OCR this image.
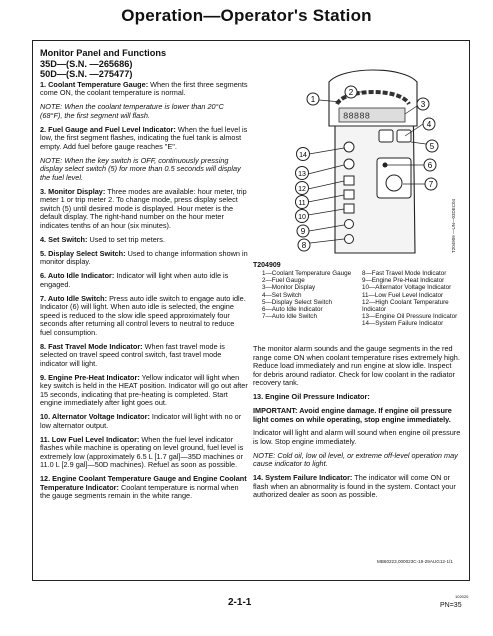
Operation—Operator's Station
Monitor Panel and Functions
35D—(S.N. —265686)
50D—(S.N. —275477)

1. Coolant Temperature Gauge: When the first three segments come ON, the coolant temperature is normal.

NOTE: When the coolant temperature is lower than 20°C (68°F), the first segment will flash.

2. Fuel Gauge and Fuel Level Indicator: When the fuel level is low, the first segment flashes, indicating the fuel tank is almost empty. Add fuel before gauge reaches "E".

NOTE: When the key switch is OFF, continuously pressing display select switch (5) for more than 0.5 seconds will display the fuel level.

3. Monitor Display: Three modes are available: hour meter, trip meter 1 or trip meter 2. To change mode, press display select switch (5) until desired mode is displayed. Hour meter is the default display. The right-hand number on the hour meter indicates tenths of an hour (six minutes).

4. Set Switch: Used to set trip meters.

5. Display Select Switch: Used to change information shown in monitor display.

6. Auto Idle Indicator: Indicator will light when auto idle is engaged.

7. Auto Idle Switch: Press auto idle switch to engage auto idle. Indicator (6) will light. When auto idle is selected, the engine speed is reduced to the slow idle speed approximately four seconds after returning all control levers to neutral to reduce fuel consumption.

8. Fast Travel Mode Indicator: When fast travel mode is selected on travel speed control switch, fast travel mode indicator will light.

9. Engine Pre-Heat Indicator: Yellow indicator will light when key switch is held in the HEAT position. Indicator will go out after 15 seconds, indicating that pre-heating is completed. Start engine immediately after light goes out.

10. Alternator Voltage Indicator: Indicator will light with no or low alternator output.

11. Low Fuel Level Indicator: When the fuel level indicator flashes while machine is operating on level ground, fuel level is extremely low (approximately 6.5 L [1.7 gal]—35D machines or 11.0 L [2.9 gal]—50D machines). Refuel as soon as possible.

12. Engine Coolant Temperature Gauge and Engine Coolant Temperature Indicator: Coolant temperature is normal when the gauge segments remain in the white range.

88888
1
2
3
4
5
6
7
8
9
10
11
12
13
14
T204909 —UN—03DEC04
T204909
1—Coolant Temperature Gauge
2—Fuel Gauge
3—Monitor Display
4—Set Switch
5—Display Select Switch
6—Auto Idle Indicator
7—Auto Idle Switch
8—Fast Travel Mode Indicator
9—Engine Pre-Heat Indicator
10—Alternator Voltage Indicator
11—Low Fuel Level Indicator
12—High Coolant Temperature Indicator
13—Engine Oil Pressure Indicator
14—System Failure Indicator

The monitor alarm sounds and the gauge segments in the red range come ON when coolant temperature rises extremely high. Reduce load immediately and run engine at slow idle. Inspect for debris around radiator. Check for low coolant in the radiator recovery tank.

13. Engine Oil Pressure Indicator:

IMPORTANT: Avoid engine damage. If engine oil pressure light comes on while operating, stop engine immediately.

Indicator will light and alarm will sound when engine oil pressure is low. Stop engine immediately.

NOTE: Cold oil, low oil level, or extreme off-level operation may cause indicator to light.

14. System Failure Indicator: The indicator will come ON or flash when an abnormality is found in the system. Contact your authorized dealer as soon as possible.

MB60223,000023C-19-29AUG12-1/1
2-1-1
102020
PN=35
